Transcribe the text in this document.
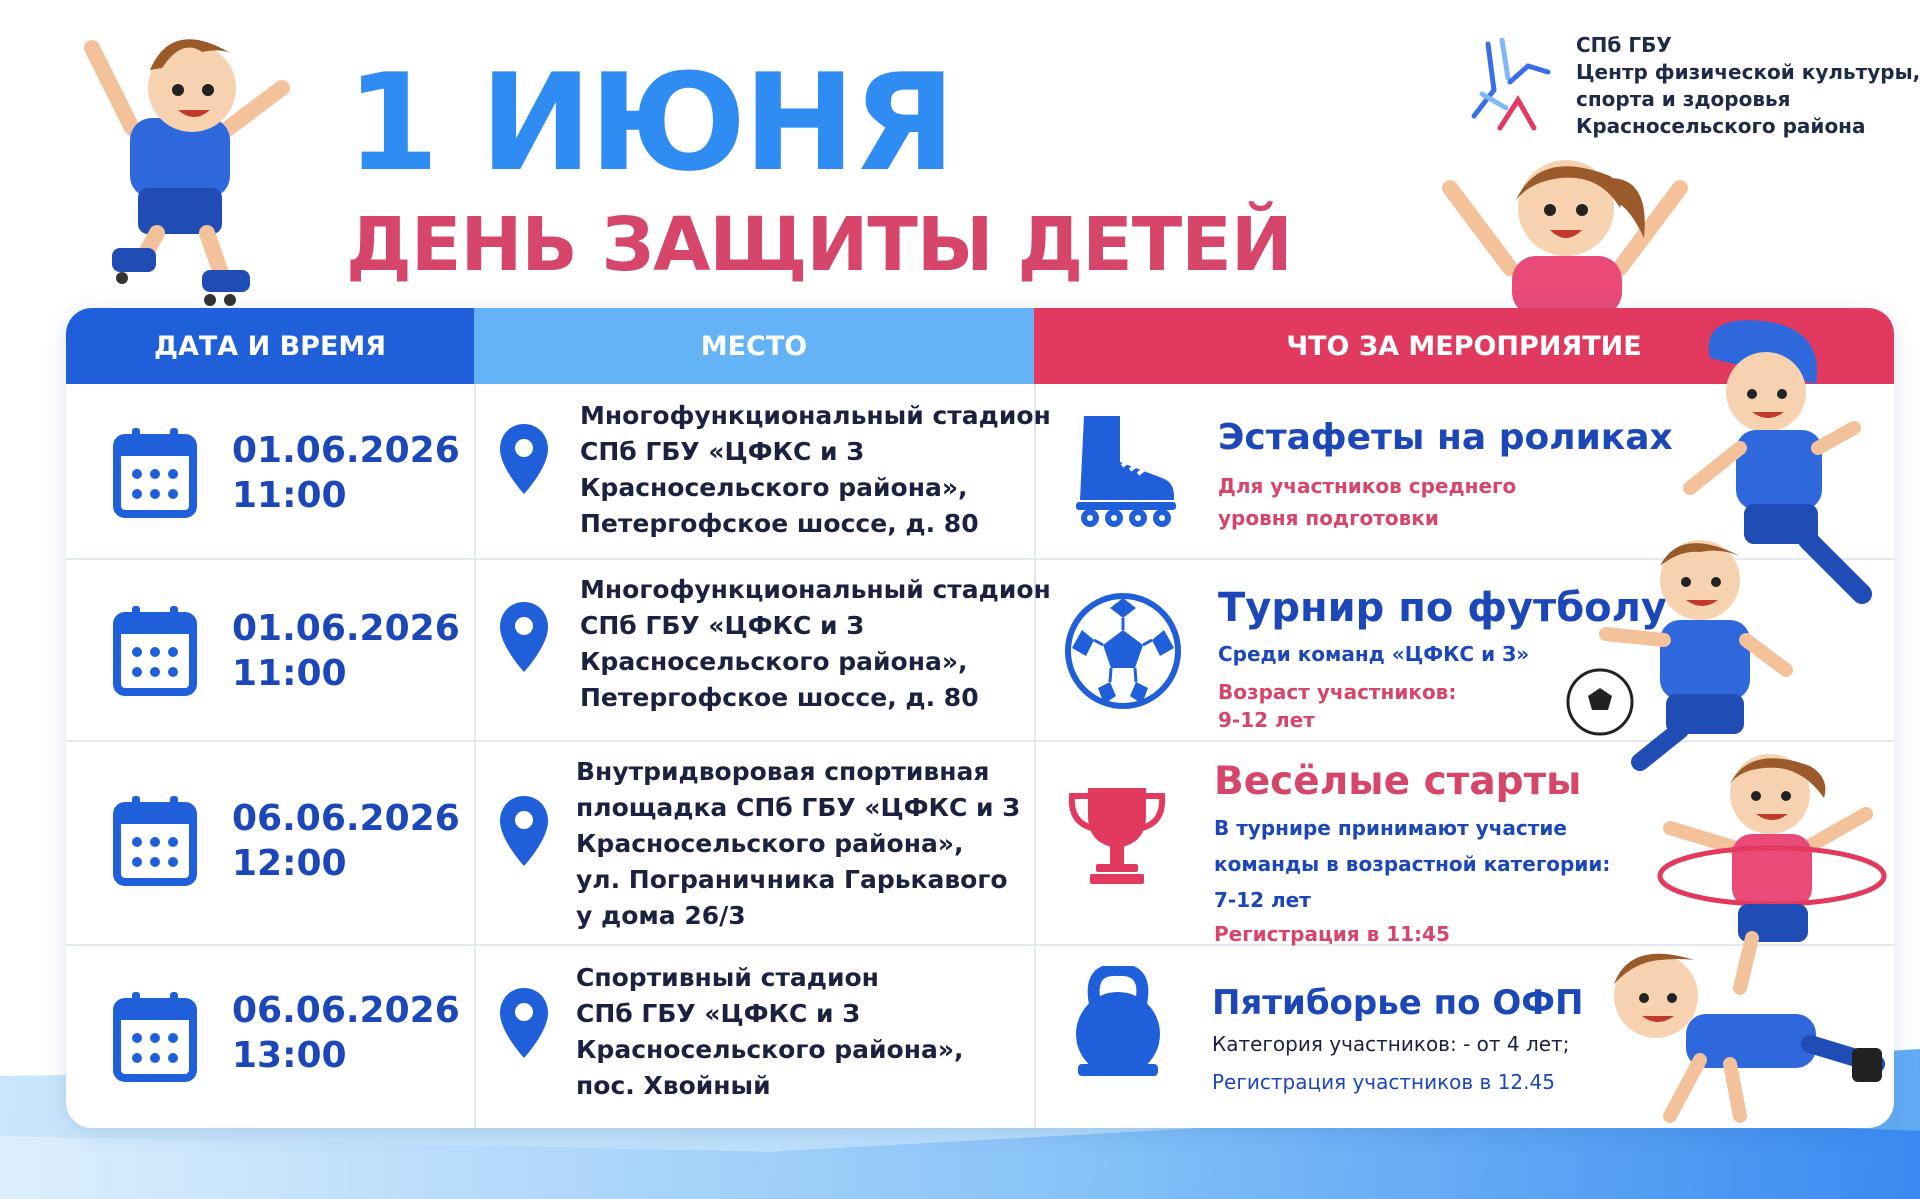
1 ИЮНЯ
ДЕНЬ ЗАЩИТЫ ДЕТЕЙ
СПб ГБУ
Центр физической культуры,
спорта и здоровья
Красносельского района
ДАТА И ВРЕМЯ	МЕСТО	ЧТО ЗА МЕРОПРИЯТИЕ
01.06.2026
11:00
Многофункциональный стадион
СПб ГБУ «ЦФКС и З
Красносельского района»,
Петергофское шоссе, д. 80
Эстафеты на роликах
Для участников среднего
уровня подготовки
01.06.2026
11:00
Многофункциональный стадион
СПб ГБУ «ЦФКС и З
Красносельского района»,
Петергофское шоссе, д. 80
Турнир по футболу
Среди команд «ЦФКС и З»
Возраст участников:
9-12 лет
06.06.2026
12:00
Внутридворовая спортивная
площадка СПб ГБУ «ЦФКС и З
Красносельского района»,
ул. Пограничника Гарькавого
у дома 26/3
Весёлые старты
В турнире принимают участие
команды в возрастной категории:
7-12 лет
Регистрация в 11:45
06.06.2026
13:00
Спортивный стадион
СПб ГБУ «ЦФКС и З
Красносельского района»,
пос. Хвойный
Пятиборье по ОФП
Категория участников: - от 4 лет;
Регистрация участников в 12.45
